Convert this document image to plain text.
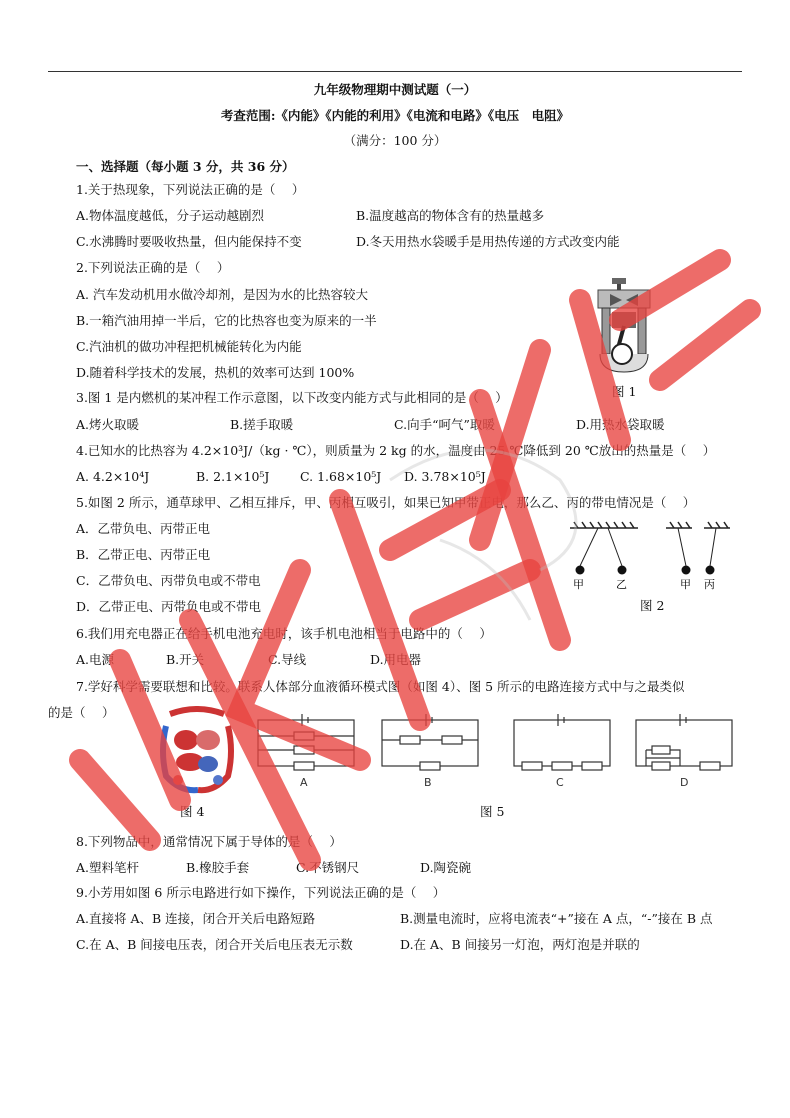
九年级物理期中测试题（一）
考查范围:《内能》《内能的利用》《电流和电路》《电压　电阻》
（满分：100 分）
一、选择题（每小题 3 分，共 36 分）
1.关于热现象，下列说法正确的是（　 ）
A.物体温度越低，分子运动越剧烈	B.温度越高的物体含有的热量越多
C.水沸腾时要吸收热量，但内能保持不变	D.冬天用热水袋暖手是用热传递的方式改变内能
2.下列说法正确的是（　 ）
A. 汽车发动机用水做冷却剂，是因为水的比热容较大
B.一箱汽油用掉一半后，它的比热容也变为原来的一半
C.汽油机的做功冲程把机械能转化为内能
D.随着科学技术的发展，热机的效率可达到 100%
图 1
3.图 1 是内燃机的某冲程工作示意图，以下改变内能方式与此相同的是（　 ）
A.烤火取暖	B.搓手取暖	C.向手“呵气”取暖	D.用热水袋取暖
4.已知水的比热容为 4.2×10³J/（kg · ℃），则质量为 2 kg 的水，温度由 25 ℃降低到 20 ℃放出的热量是（　 ）
A. 4.2×10⁴J	B. 2.1×10⁵J C. 1.68×10⁵J D. 3.78×10⁵J
5.如图 2 所示，通草球甲、乙相互排斥，甲、丙相互吸引，如果已知甲带正电，那么乙、丙的带电情况是（　 ）
A．乙带负电、丙带正电
B．乙带正电、丙带正电
C．乙带负电、丙带负电或不带电
D．乙带正电、丙带负电或不带电
甲	乙	甲 丙
图 2
6.我们用充电器正在给手机电池充电时，该手机电池相当于电路中的（　 ）
A.电源	B.开关	C.导线	D.用电器
7.学好科学需要联想和比较。联系人体部分血液循环模式图（如图 4）、图 5 所示的电路连接方式中与之最类似
的是（　 ）
图 4
A	B	C	D
图 5
8.下列物品中，通常情况下属于导体的是（　 ）
A.塑料笔杆	B.橡胶手套	C.不锈钢尺	D.陶瓷碗
9.小芳用如图 6 所示电路进行如下操作，下列说法正确的是（　 ）
A.直接将 A、B 连接，闭合开关后电路短路	B.测量电流时，应将电流表“+”接在 A 点，“-”接在 B 点
C.在 A、B 间接电压表，闭合开关后电压表无示数	D.在 A、B 间接另一灯泡，两灯泡是并联的
